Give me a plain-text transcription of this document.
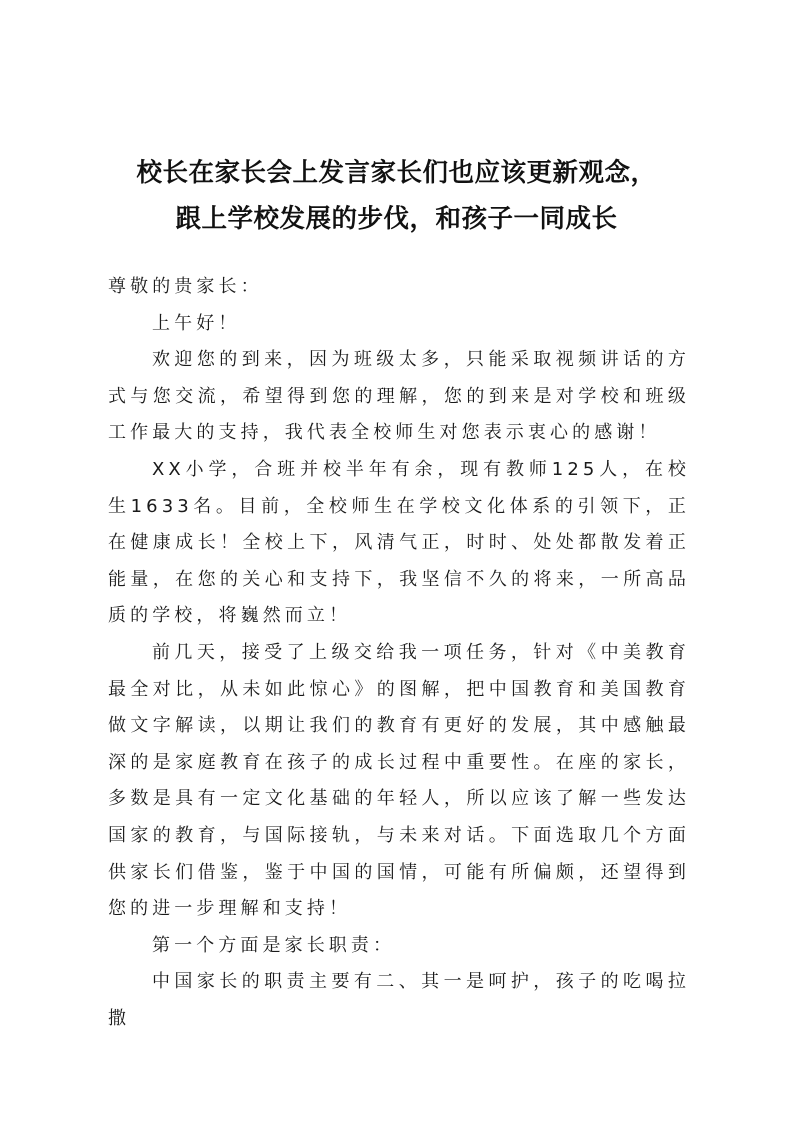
校长在家长会上发言家长们也应该更新观念，
跟上学校发展的步伐，和孩子一同成长

尊敬的贵家长：

上午好！

欢迎您的到来，因为班级太多，只能采取视频讲话的方式与您交流，希望得到您的理解，您的到来是对学校和班级工作最大的支持，我代表全校师生对您表示衷心的感谢！

XX小学，合班并校半年有余，现有教师125人，在校生1633名。目前，全校师生在学校文化体系的引领下，正在健康成长！全校上下，风清气正，时时、处处都散发着正能量，在您的关心和支持下，我坚信不久的将来，一所高品质的学校，将巍然而立！

前几天，接受了上级交给我一项任务，针对《中美教育最全对比，从未如此惊心》的图解，把中国教育和美国教育做文字解读，以期让我们的教育有更好的发展，其中感触最深的是家庭教育在孩子的成长过程中重要性。在座的家长，多数是具有一定文化基础的年轻人，所以应该了解一些发达国家的教育，与国际接轨，与未来对话。下面选取几个方面供家长们借鉴，鉴于中国的国情，可能有所偏颇，还望得到您的进一步理解和支持！

第一个方面是家长职责：

中国家长的职责主要有二、其一是呵护，孩子的吃喝拉撒
